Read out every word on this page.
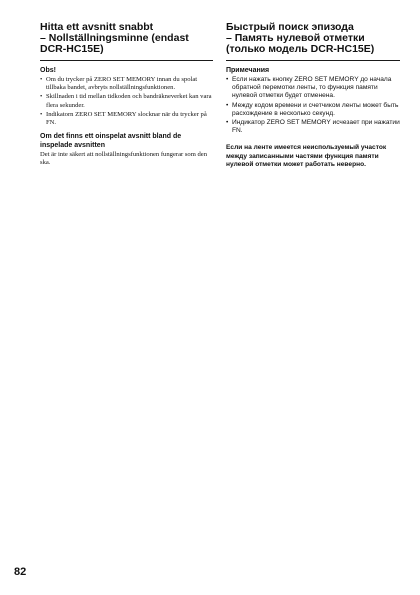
Hitta ett avsnitt snabbt
– Nollställningsminne (endast
DCR-HC15E)
Obs!
• Om du trycker på ZERO SET MEMORY innan du spolat tillbaka bandet, avbryts nollställningsfunktionen.
• Skillnaden i tid mellan tidkoden och bandräkneverket kan vara flera sekunder.
• Indikatorn ZERO SET MEMORY slocknar när du trycker på FN.
Om det finns ett oinspelat avsnitt bland de inspelade avsnitten

Det är inte säkert att nollställningsfunktionen fungerar som den ska.

Быстрый поиск эпизода
– Память нулевой отметки
(только модель DCR-HC15E)
Примечания
• Если нажать кнопку ZERO SET MEMORY до начала обратной перемотки ленты, то функция памяти нулевой отметки будет отменена.
• Между кодом времени и счетчиком ленты может быть расхождение в несколько секунд.
• Индикатор ZERO SET MEMORY исчезает при нажатии FN.

Если на ленте имеется неиспользуемый участок между записанными частями функция памяти нулевой отметки может работать неверно.

82
